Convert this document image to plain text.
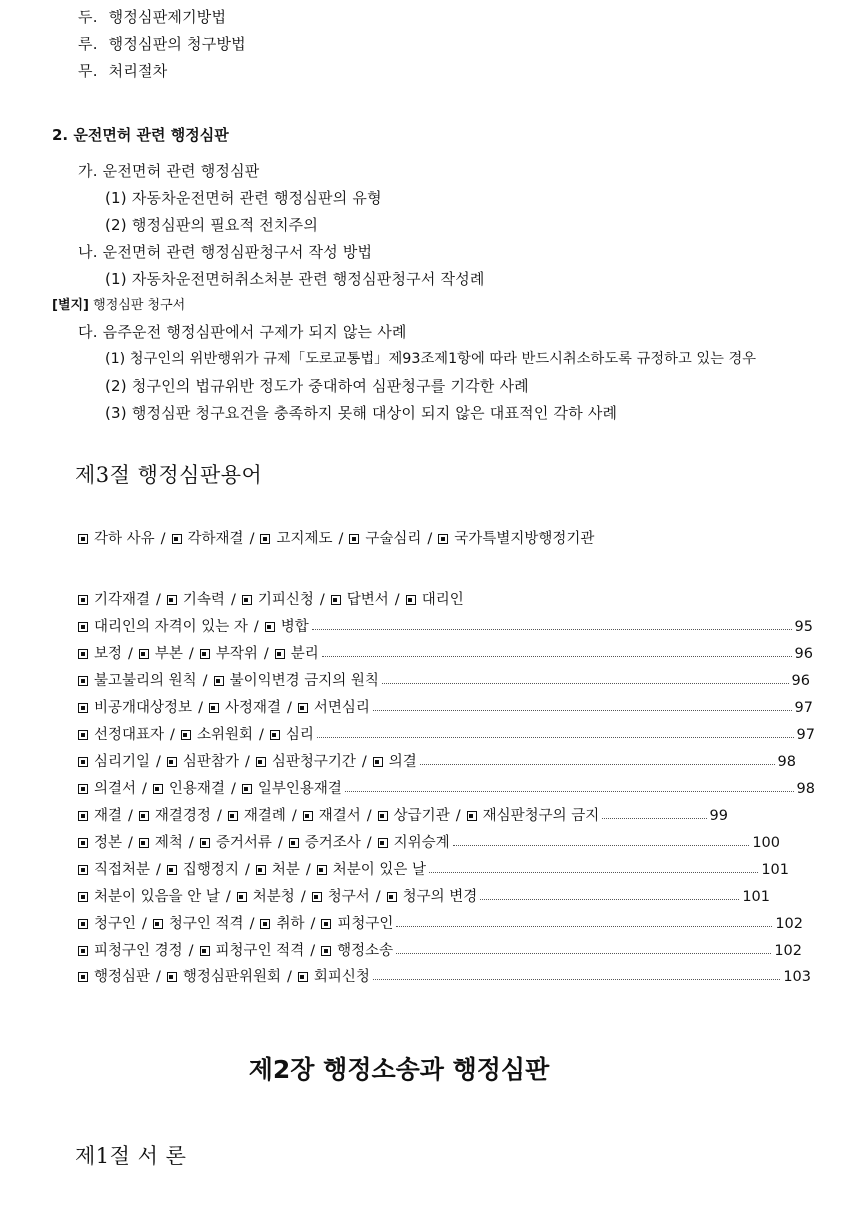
두. 행정심판제기방법
루. 행정심판의 청구방법
무. 처리절차
2. 운전면허 관련 행정심판
가. 운전면허 관련 행정심판
(1) 자동차운전면허 관련 행정심판의 유형
(2) 행정심판의 필요적 전치주의
나. 운전면허 관련 행정심판청구서 작성 방법
(1) 자동차운전면허취소처분 관련 행정심판청구서 작성례
[별지] 행정심판 청구서
다. 음주운전 행정심판에서 구제가 되지 않는 사례
(1) 청구인의 위반행위가 규제「도로교통법」제93조제1항에 따라 반드시취소하도록 규정하고 있는 경우
(2) 청구인의 법규위반 정도가 중대하여 심판청구를 기각한 사례
(3) 행정심판 청구요건을 충족하지 못해 대상이 되지 않은 대표적인 각하 사례
제3절 행정심판용어
각하 사유 / 각하재결 / 고지제도 / 구술심리 / 국가특별지방행정기관
기각재결 / 기속력 / 기피신청 / 답변서 / 대리인
대리인의 자격이 있는 자 / 병합	95
보정 / 부본 / 부작위 / 분리	96
불고불리의 원칙 / 불이익변경 금지의 원칙	96
비공개대상정보 / 사정재결 / 서면심리	97
선정대표자 / 소위원회 / 심리	97
심리기일 / 심판참가 / 심판청구기간 / 의결	98
의결서 / 인용재결 / 일부인용재결	98
재결 / 재결경정 / 재결례 / 재결서 / 상급기관 / 재심판청구의 금지	99
정본 / 제척 / 증거서류 / 증거조사 / 지위승계	100
직접처분 / 집행정지 / 처분 / 처분이 있은 날	101
처분이 있음을 안 날 / 처분청 / 청구서 / 청구의 변경	101
청구인 / 청구인 적격 / 취하 / 피청구인	102
피청구인 경정 / 피청구인 적격 / 행정소송	102
행정심판 / 행정심판위원회 / 회피신청	103
제2장 행정소송과 행정심판
제1절 서 론
